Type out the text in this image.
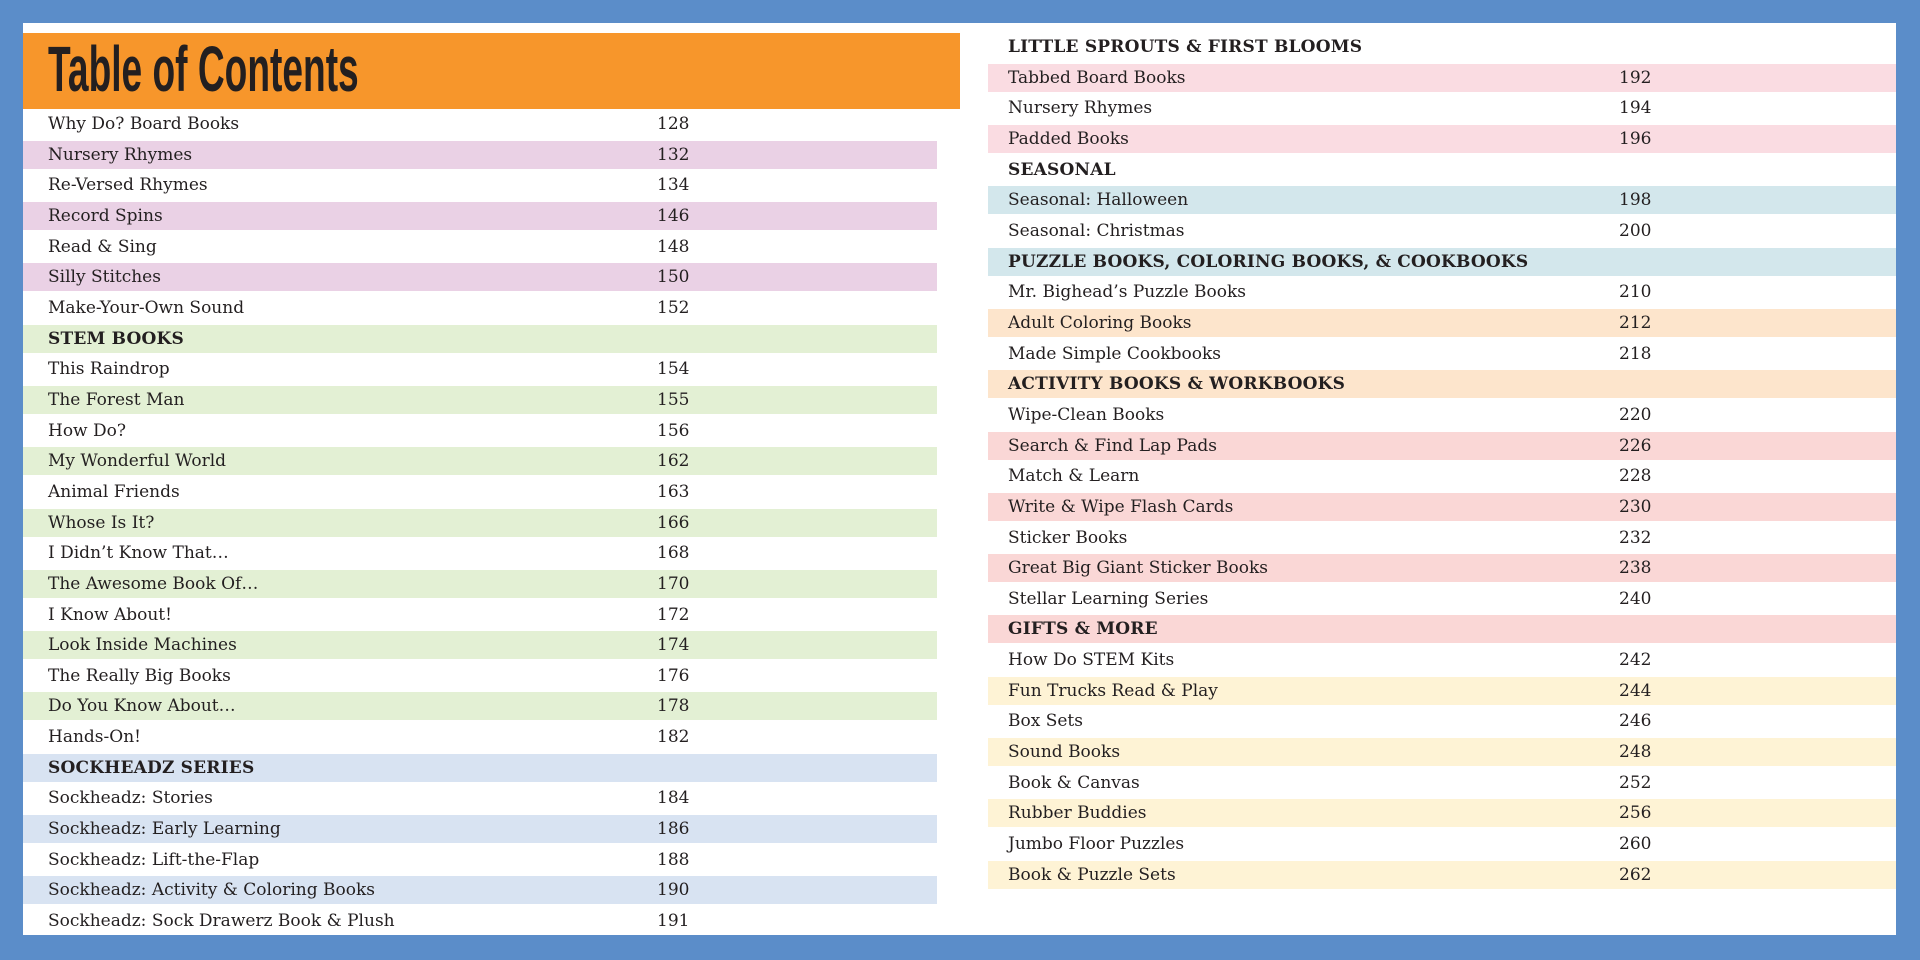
Table of Contents
Why Do? Board Books	128
Nursery Rhymes	132
Re-Versed Rhymes	134
Record Spins	146
Read & Sing	148
Silly Stitches	150
Make-Your-Own Sound	152
STEM BOOKS
This Raindrop	154
The Forest Man	155
How Do?	156
My Wonderful World	162
Animal Friends	163
Whose Is It?	166
I Didn’t Know That…	168
The Awesome Book Of…	170
I Know About!	172
Look Inside Machines	174
The Really Big Books	176
Do You Know About…	178
Hands-On!	182
SOCKHEADZ SERIES
Sockheadz: Stories	184
Sockheadz: Early Learning	186
Sockheadz: Lift-the-Flap	188
Sockheadz: Activity & Coloring Books	190
Sockheadz: Sock Drawerz Book & Plush	191
LITTLE SPROUTS & FIRST BLOOMS
Tabbed Board Books	192
Nursery Rhymes	194
Padded Books	196
SEASONAL
Seasonal: Halloween	198
Seasonal: Christmas	200
PUZZLE BOOKS, COLORING BOOKS, & COOKBOOKS
Mr. Bighead’s Puzzle Books	210
Adult Coloring Books	212
Made Simple Cookbooks	218
ACTIVITY BOOKS & WORKBOOKS
Wipe-Clean Books	220
Search & Find Lap Pads	226
Match & Learn	228
Write & Wipe Flash Cards	230
Sticker Books	232
Great Big Giant Sticker Books	238
Stellar Learning Series	240
GIFTS & MORE
How Do STEM Kits	242
Fun Trucks Read & Play	244
Box Sets	246
Sound Books	248
Book & Canvas	252
Rubber Buddies	256
Jumbo Floor Puzzles	260
Book & Puzzle Sets	262
